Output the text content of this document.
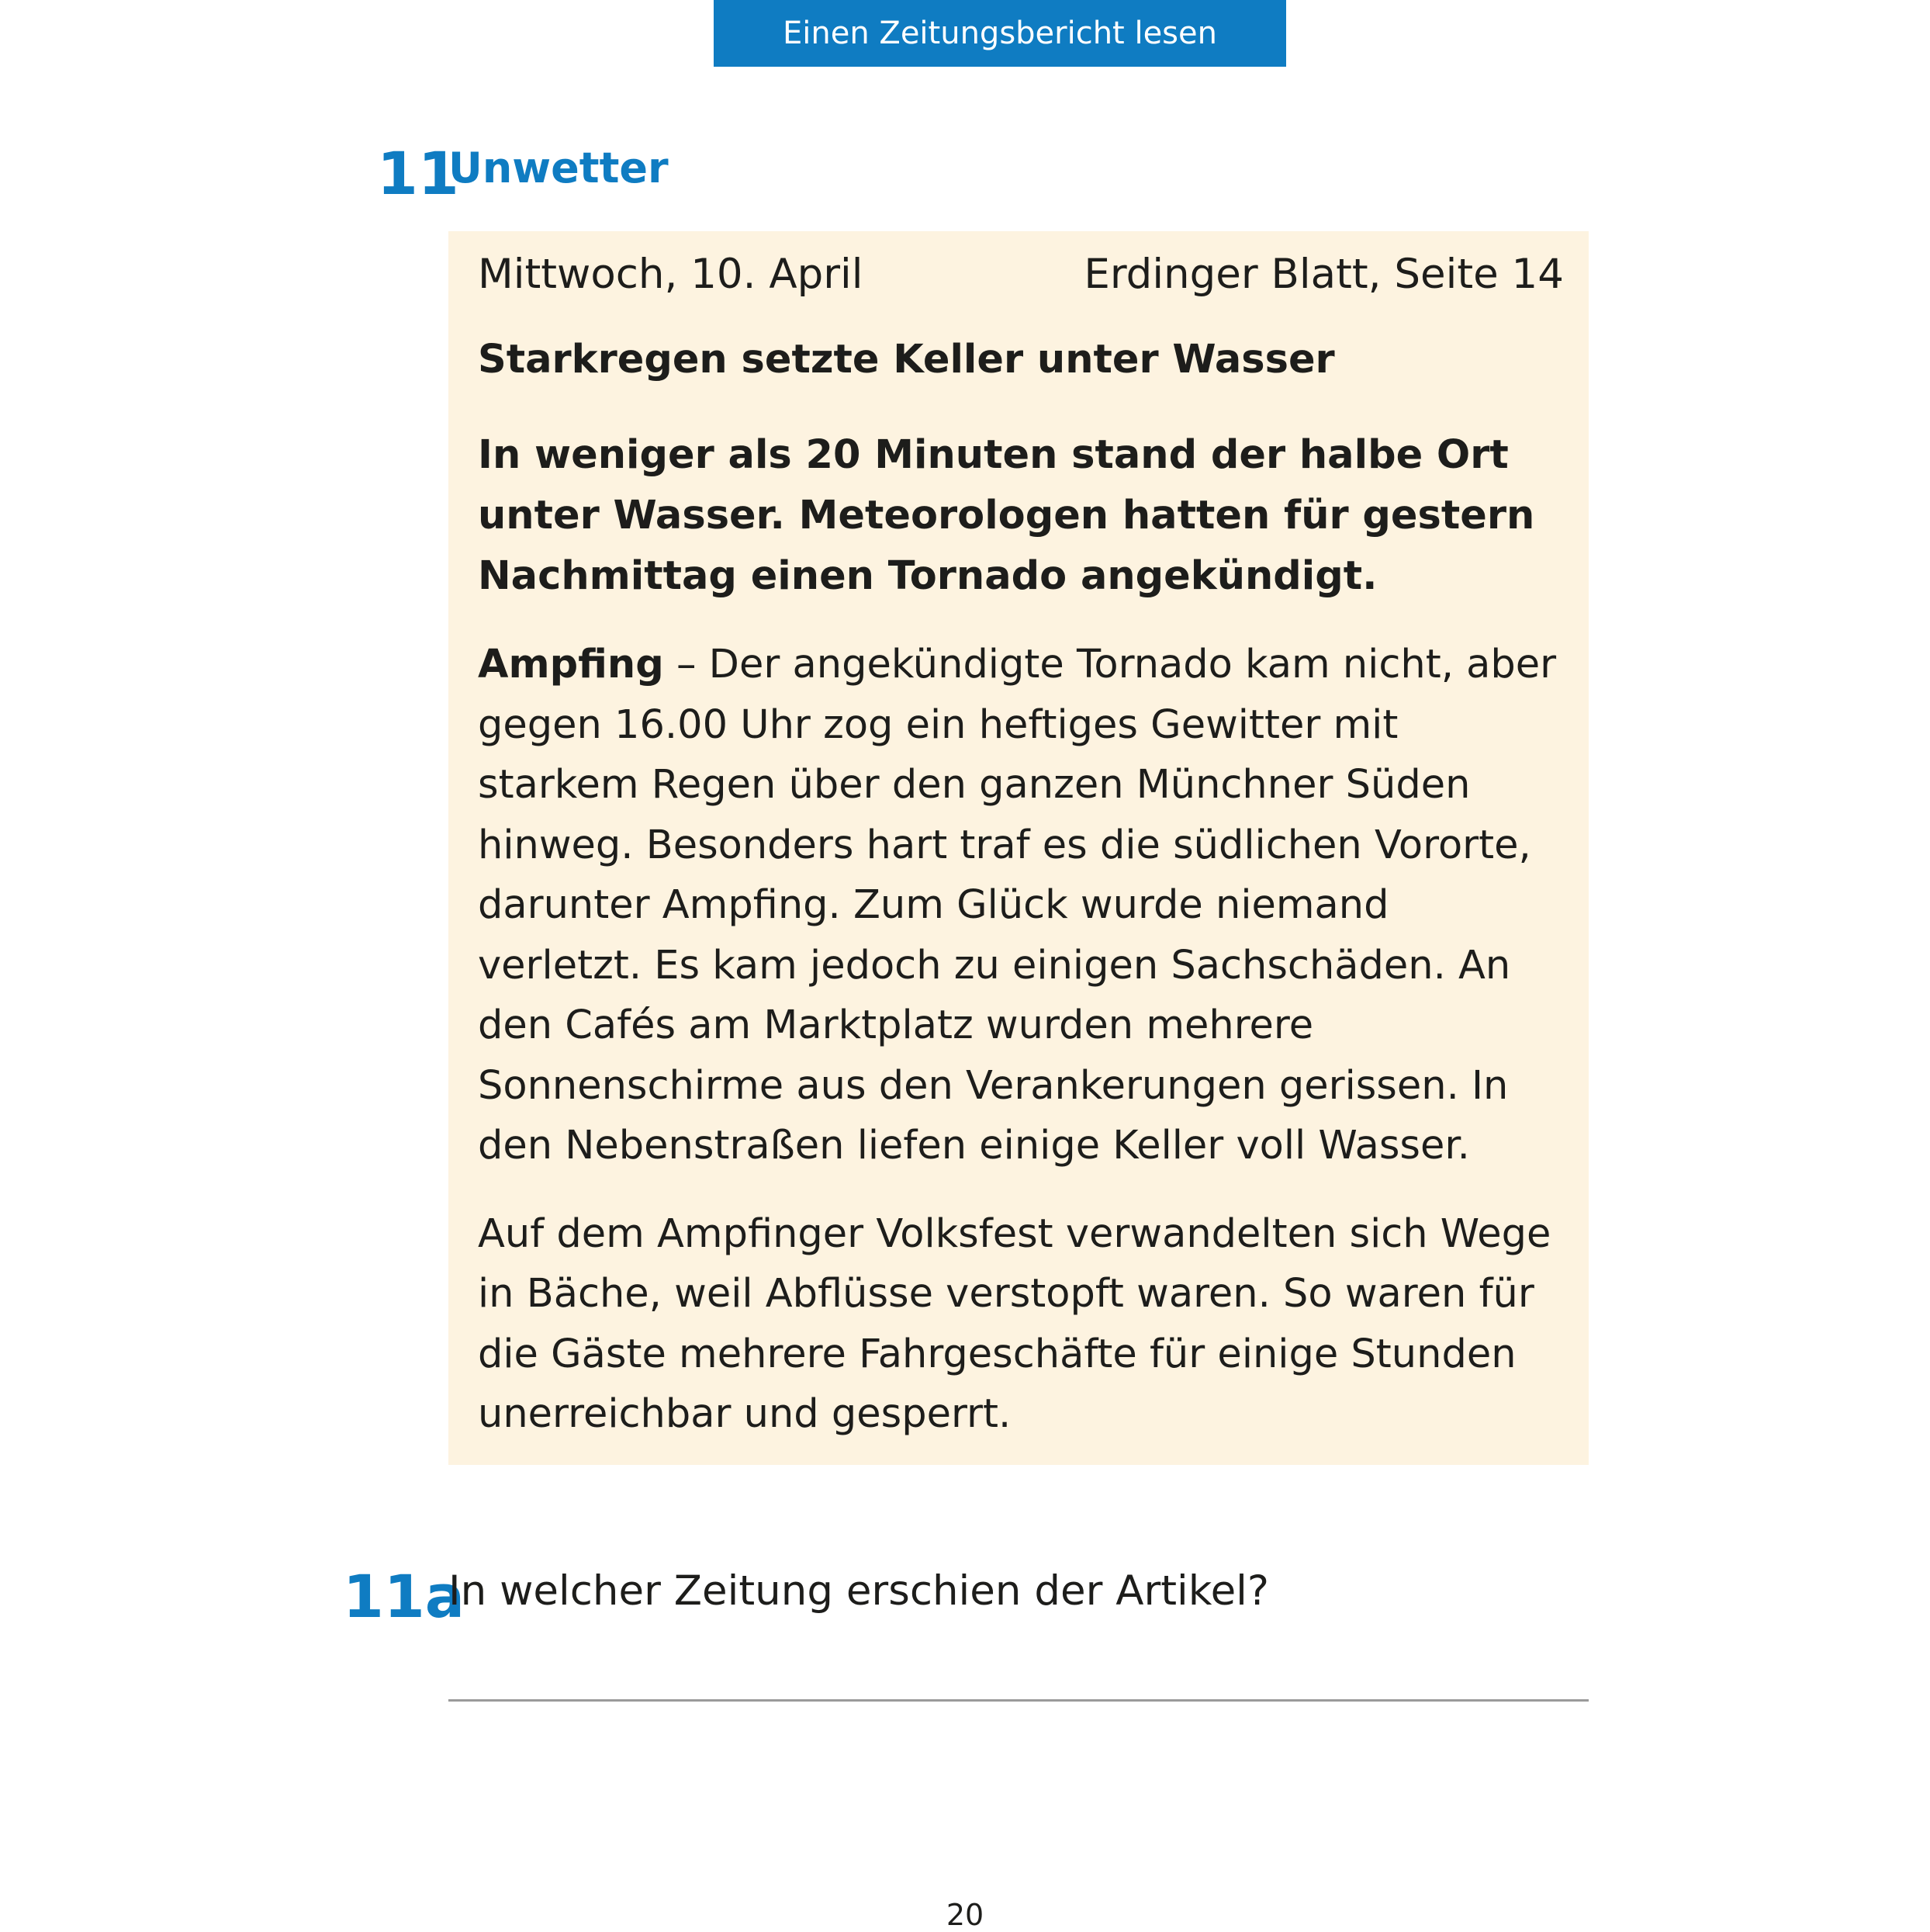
Einen Zeitungsbericht lesen
11
Unwetter
Mittwoch, 10. April	Erdinger Blatt, Seite 14

Starkregen setzte Keller unter Wasser

In weniger als 20 Minuten stand der halbe Ort unter Wasser. Meteorologen hatten für gestern Nachmittag einen Tornado angekündigt.

Ampfing – Der angekündigte Tornado kam nicht, aber gegen 16.00 Uhr zog ein heftiges Gewitter mit starkem Regen über den ganzen Münchner Süden hinweg. Besonders hart traf es die südlichen Vororte, darunter Ampfing. Zum Glück wurde niemand verletzt. Es kam jedoch zu einigen Sachschäden. An den Cafés am Marktplatz wurden mehrere Sonnenschirme aus den Verankerungen gerissen. In den Nebenstraßen liefen einige Keller voll Wasser.

Auf dem Ampfinger Volksfest verwandelten sich Wege in Bäche, weil Abflüsse verstopft waren. So waren für die Gäste mehrere Fahrgeschäfte für einige Stunden unerreichbar und gesperrt.

11a
In welcher Zeitung erschien der Artikel?
20
